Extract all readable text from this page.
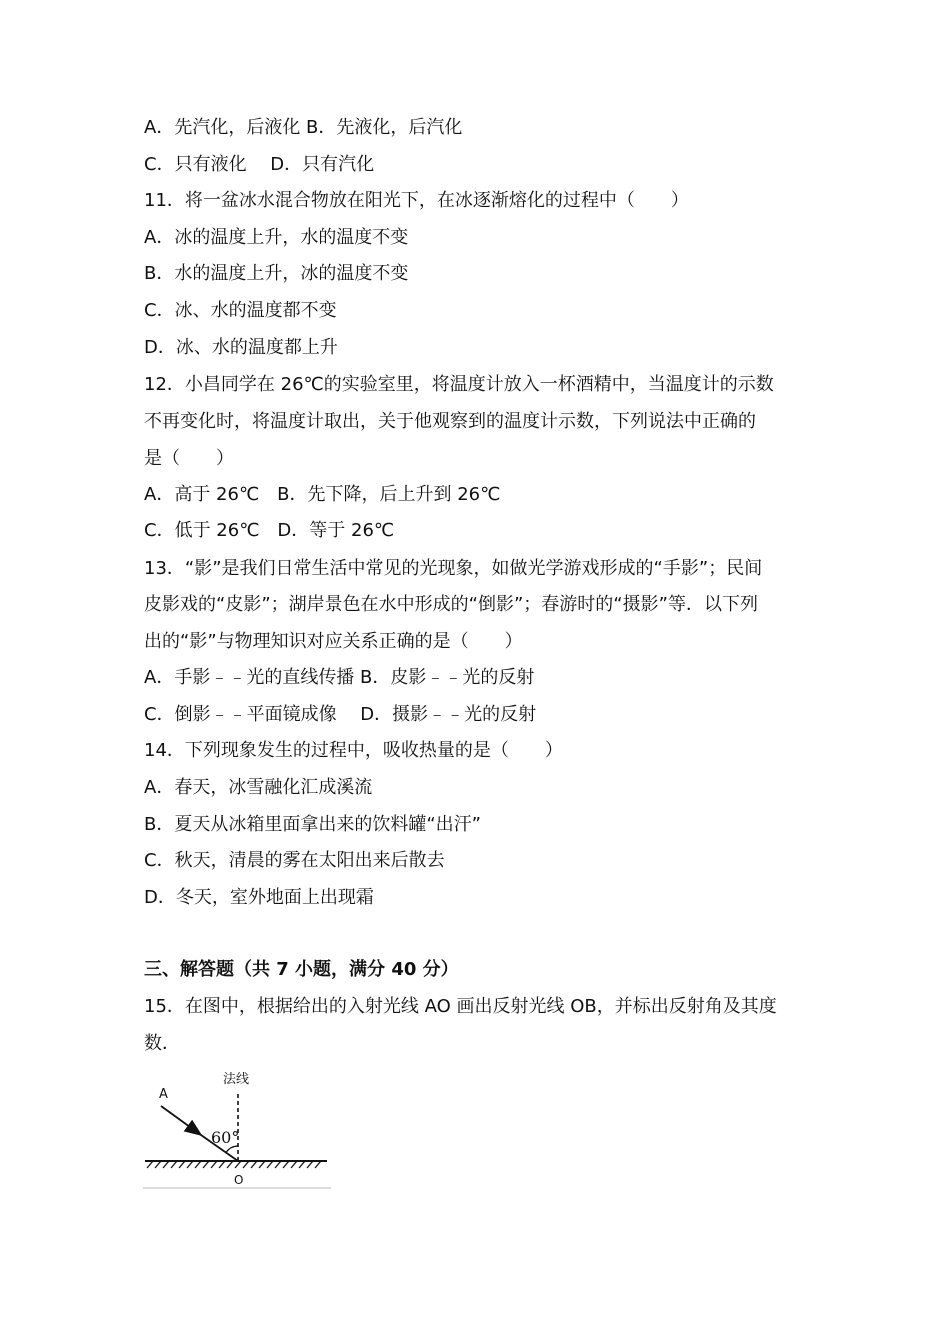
A．先汽化，后液化 B．先液化，后汽化
C．只有液化　 D．只有汽化
11．将一盆冰水混合物放在阳光下，在冰逐渐熔化的过程中（　　）
A．冰的温度上升，水的温度不变
B．水的温度上升，冰的温度不变
C．冰、水的温度都不变
D．冰、水的温度都上升
12．小昌同学在 26℃的实验室里，将温度计放入一杯酒精中，当温度计的示数
不再变化时，将温度计取出，关于他观察到的温度计示数，下列说法中正确的
是（　　）
A．高于 26℃　B．先下降，后上升到 26℃
C．低于 26℃　D．等于 26℃
13．“影”是我们日常生活中常见的光现象，如做光学游戏形成的“手影”；民间
皮影戏的“皮影”；湖岸景色在水中形成的“倒影”；春游时的“摄影”等．以下列
出的“影”与物理知识对应关系正确的是（　　）
A．手影﹣﹣光的直线传播 B．皮影﹣﹣光的反射
C．倒影﹣﹣平面镜成像　 D．摄影﹣﹣光的反射
14．下列现象发生的过程中，吸收热量的是（　　）
A．春天，冰雪融化汇成溪流
B．夏天从冰箱里面拿出来的饮料罐“出汗”
C．秋天，清晨的雾在太阳出来后散去
D．冬天，室外地面上出现霜
三、解答题（共 7 小题，满分 40 分）
15．在图中，根据给出的入射光线 AO 画出反射光线 OB，并标出反射角及其度
数．
法线
A
60°
O
